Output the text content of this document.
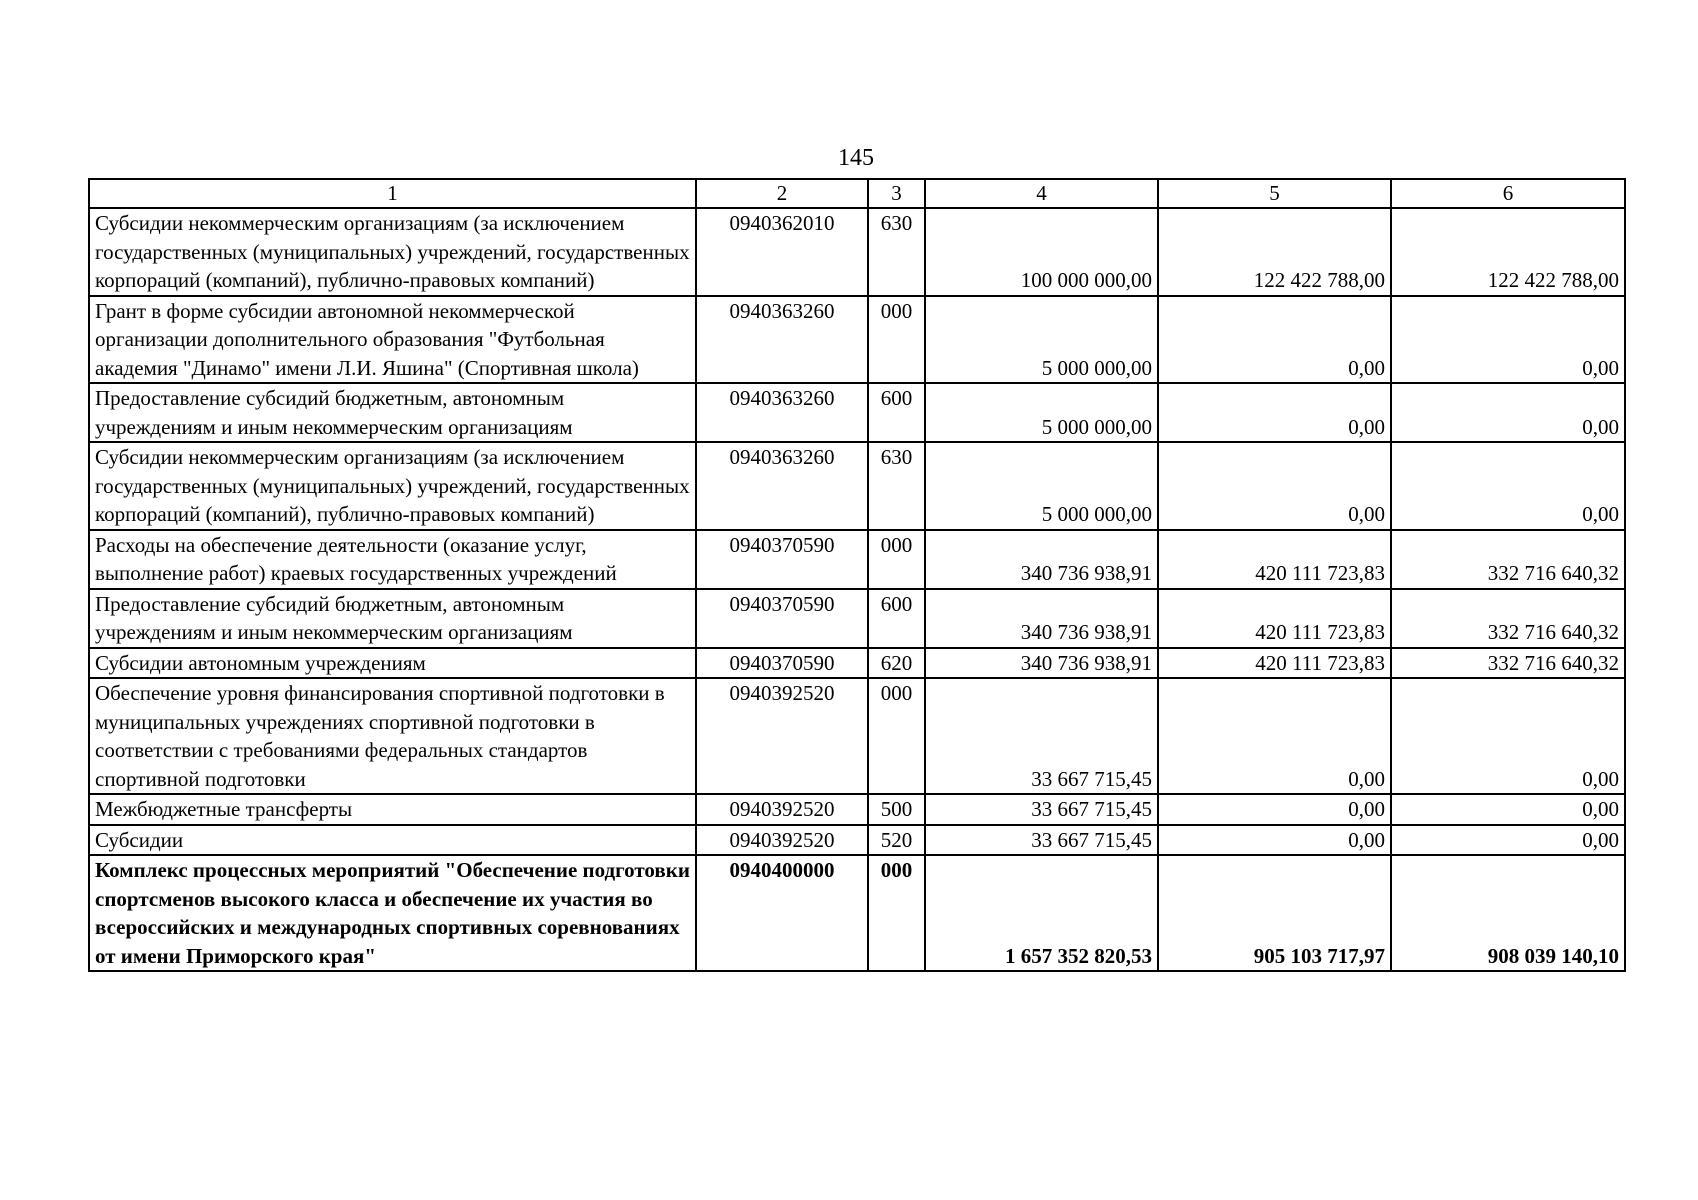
145
1	2	3	4	5	6
Субсидии некоммерческим организациям (за исключением государственных (муниципальных) учреждений, государственных корпораций (компаний), публично-правовых компаний)	0940362010	630	100 000 000,00	122 422 788,00	122 422 788,00
Грант в форме субсидии автономной некоммерческой организации дополнительного образования "Футбольная академия "Динамо" имени Л.И. Яшина" (Спортивная школа)	0940363260	000	5 000 000,00	0,00	0,00
Предоставление субсидий бюджетным, автономным учреждениям и иным некоммерческим организациям	0940363260	600	5 000 000,00	0,00	0,00
Субсидии некоммерческим организациям (за исключением государственных (муниципальных) учреждений, государственных корпораций (компаний), публично-правовых компаний)	0940363260	630	5 000 000,00	0,00	0,00
Расходы на обеспечение деятельности (оказание услуг, выполнение работ) краевых государственных учреждений	0940370590	000	340 736 938,91	420 111 723,83	332 716 640,32
Предоставление субсидий бюджетным, автономным учреждениям и иным некоммерческим организациям	0940370590	600	340 736 938,91	420 111 723,83	332 716 640,32
Субсидии автономным учреждениям	0940370590	620	340 736 938,91	420 111 723,83	332 716 640,32
Обеспечение уровня финансирования спортивной подготовки в муниципальных учреждениях спортивной подготовки в соответствии с требованиями федеральных стандартов спортивной подготовки	0940392520	000	33 667 715,45	0,00	0,00
Межбюджетные трансферты	0940392520	500	33 667 715,45	0,00	0,00
Субсидии	0940392520	520	33 667 715,45	0,00	0,00
Комплекс процессных мероприятий "Обеспечение подготовки спортсменов высокого класса и обеспечение их участия во всероссийских и международных спортивных соревнованиях от имени Приморского края"	0940400000	000	1 657 352 820,53	905 103 717,97	908 039 140,10
